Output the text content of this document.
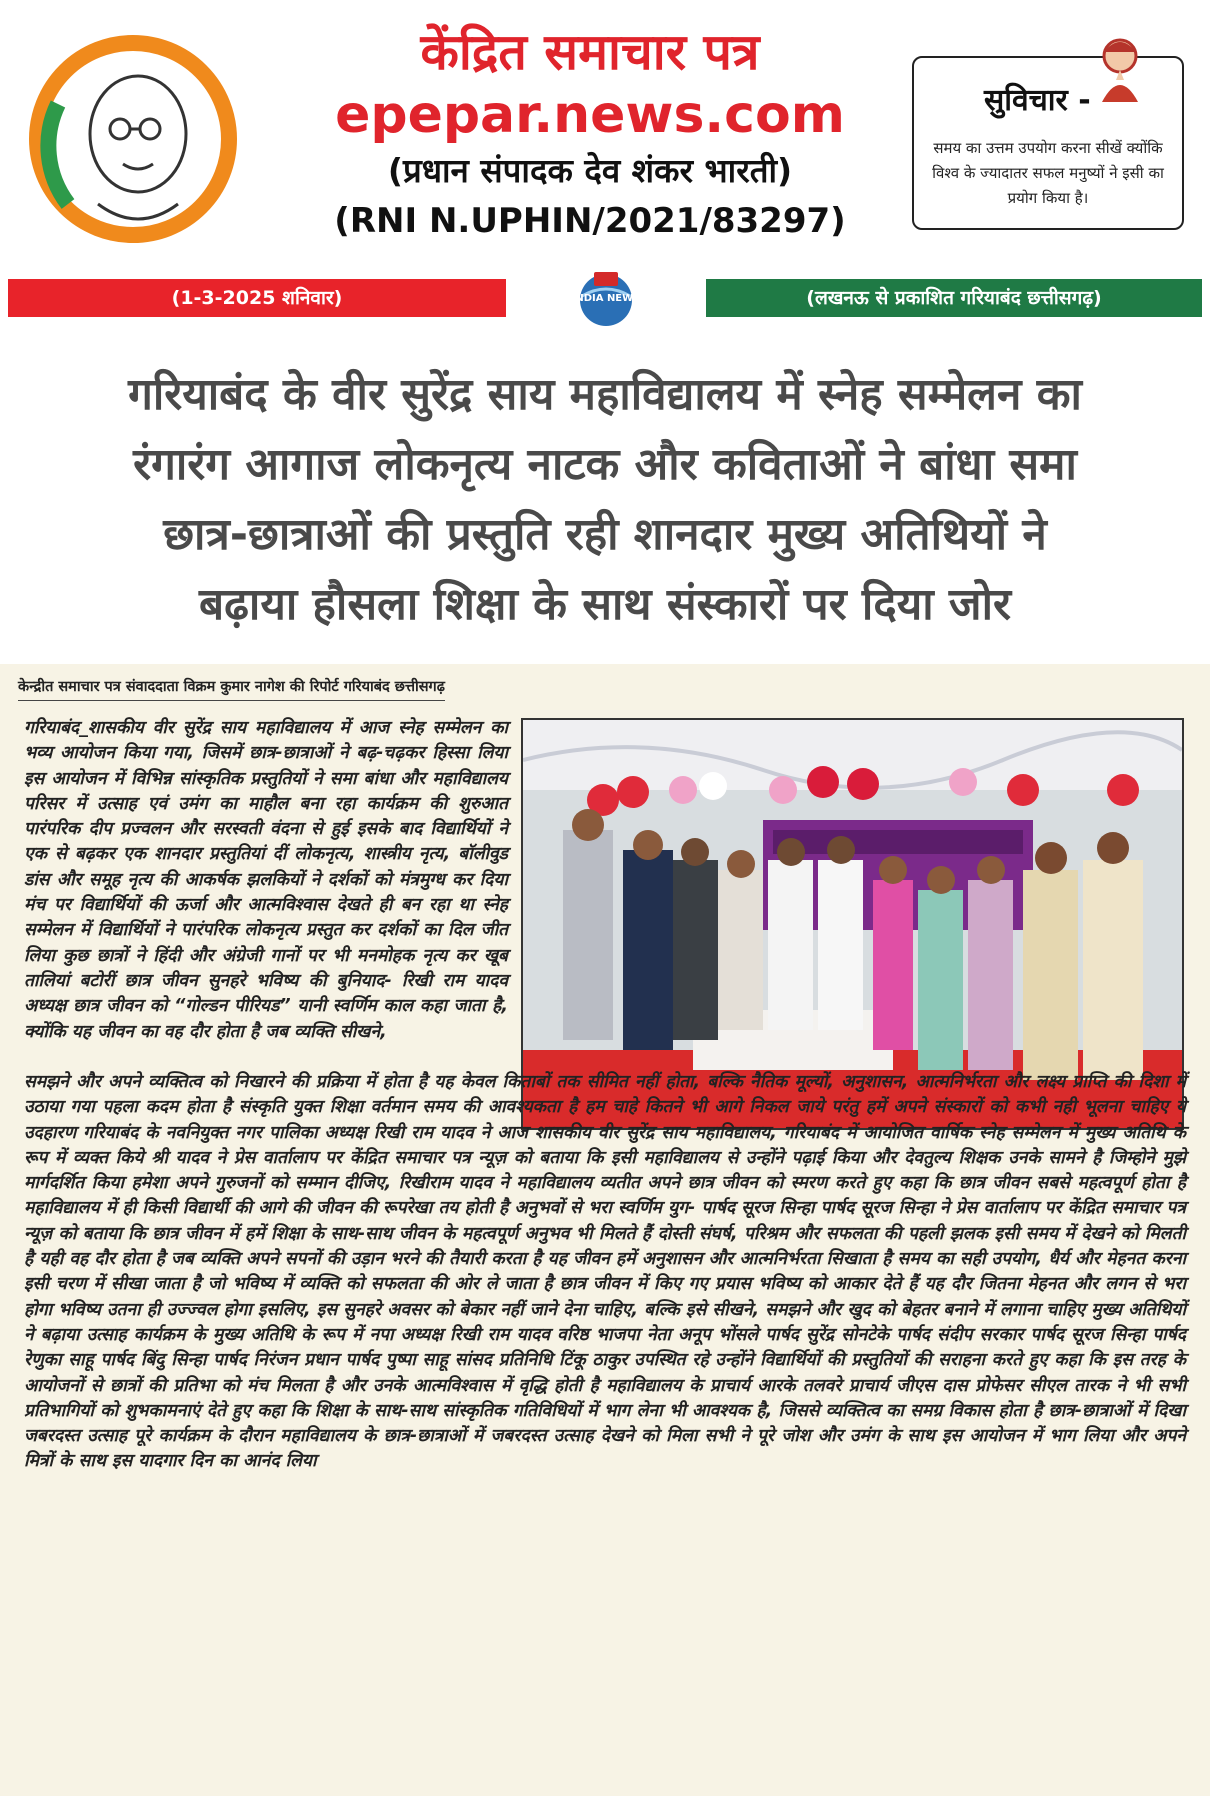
केंद्रित समाचार पत्र
epepar.news.com
(प्रधान संपादक देव शंकर भारती)
(RNI N.UPHIN/2021/83297)
सुविचार -
समय का उत्तम उपयोग करना सीखें क्योंकि विश्व के ज्यादातर सफल मनुष्यों ने इसी का प्रयोग किया है।
(1-3-2025 शनिवार)	INDIA NEWS	(लखनऊ से प्रकाशित गरियाबंद छत्तीसगढ़)
गरियाबंद के वीर सुरेंद्र साय महाविद्यालय में स्नेह सम्मेलन का
रंगारंग आगाज लोकनृत्य नाटक और कविताओं ने बांधा समा
छात्र-छात्राओं की प्रस्तुति रही शानदार मुख्य अतिथियों ने
बढ़ाया हौसला शिक्षा के साथ संस्कारों पर दिया जोर
केन्द्रीत समाचार पत्र संवाददाता विक्रम कुमार नागेश की रिपोर्ट गरियाबंद छत्तीसगढ़
गरियाबंद_शासकीय वीर सुरेंद्र साय महाविद्यालय में आज स्नेह सम्मेलन का भव्य आयोजन किया गया, जिसमें छात्र-छात्राओं ने बढ़-चढ़कर हिस्सा लिया इस आयोजन में विभिन्न सांस्कृतिक प्रस्तुतियों ने समा बांधा और महाविद्यालय परिसर में उत्साह एवं उमंग का माहौल बना रहा कार्यक्रम की शुरुआत पारंपरिक दीप प्रज्वलन और सरस्वती वंदना से हुई इसके बाद विद्यार्थियों ने एक से बढ़कर एक शानदार प्रस्तुतियां दीं लोकनृत्य, शास्त्रीय नृत्य, बॉलीवुड डांस और समूह नृत्य की आकर्षक झलकियों ने दर्शकों को मंत्रमुग्ध कर दिया मंच पर विद्यार्थियों की ऊर्जा और आत्मविश्वास देखते ही बन रहा था स्नेह सम्मेलन में विद्यार्थियों ने पारंपरिक लोकनृत्य प्रस्तुत कर दर्शकों का दिल जीत लिया कुछ छात्रों ने हिंदी और अंग्रेजी गानों पर भी मनमोहक नृत्य कर खूब तालियां बटोरीं छात्र जीवन सुनहरे भविष्य की बुनियाद- रिखी राम यादव अध्यक्ष छात्र जीवन को “गोल्डन पीरियड” यानी स्वर्णिम काल कहा जाता है, क्योंकि यह जीवन का वह दौर होता है जब व्यक्ति सीखने,
समझने और अपने व्यक्तित्व को निखारने की प्रक्रिया में होता है यह केवल किताबों तक सीमित नहीं होता, बल्कि नैतिक मूल्यों, अनुशासन, आत्मनिर्भरता और लक्ष्य प्राप्ति की दिशा में उठाया गया पहला कदम होता है संस्कृति युक्त शिक्षा वर्तमान समय की आवश्यकता है हम चाहे कितने भी आगे निकल जाये परंतु हमें अपने संस्कारों को कभी नही भूलना चाहिए ये उदहारण गरियाबंद के नवनियुक्त नगर पालिका अध्यक्ष रिखी राम यादव ने आज शासकीय वीर सुरेंद्र साय महाविद्यालय, गरियाबंद में आयोजित वार्षिक स्नेह सम्मेलन में मुख्य अतिथि के रूप में व्यक्त किये श्री यादव ने प्रेस वार्तालाप पर केंद्रित समाचार पत्र न्यूज़ को बताया कि इसी महाविद्यालय से उन्होंने पढ़ाई किया और देवतुल्य शिक्षक उनके सामने है जिम्होने मुझे मार्गदर्शित किया हमेशा अपने गुरुजनों को सम्मान दीजिए, रिखीराम यादव ने महाविद्यालय व्यतीत अपने छात्र जीवन को स्मरण करते हुए कहा कि छात्र जीवन सबसे महत्वपूर्ण होता है महाविद्यालय में ही किसी विद्यार्थी की आगे की जीवन की रूपरेखा तय होती है अनुभवों से भरा स्वर्णिम युग- पार्षद सूरज सिन्हा पार्षद सूरज सिन्हा ने प्रेस वार्तालाप पर केंद्रित समाचार पत्र न्यूज़ को बताया कि छात्र जीवन में हमें शिक्षा के साथ-साथ जीवन के महत्वपूर्ण अनुभव भी मिलते हैं दोस्ती संघर्ष, परिश्रम और सफलता की पहली झलक इसी समय में देखने को मिलती है यही वह दौर होता है जब व्यक्ति अपने सपनों की उड़ान भरने की तैयारी करता है यह जीवन हमें अनुशासन और आत्मनिर्भरता सिखाता है समय का सही उपयोग, धैर्य और मेहनत करना इसी चरण में सीखा जाता है जो भविष्य में व्यक्ति को सफलता की ओर ले जाता है छात्र जीवन में किए गए प्रयास भविष्य को आकार देते हैं यह दौर जितना मेहनत और लगन से भरा होगा भविष्य उतना ही उज्ज्वल होगा इसलिए, इस सुनहरे अवसर को बेकार नहीं जाने देना चाहिए, बल्कि इसे सीखने, समझने और खुद को बेहतर बनाने में लगाना चाहिए मुख्य अतिथियों ने बढ़ाया उत्साह कार्यक्रम के मुख्य अतिथि के रूप में नपा अध्यक्ष रिखी राम यादव वरिष्ठ भाजपा नेता अनूप भोंसले पार्षद सुरेंद्र सोनटेके पार्षद संदीप सरकार पार्षद सूरज सिन्हा पार्षद रेणुका साहू पार्षद बिंदु सिन्हा पार्षद निरंजन प्रधान पार्षद पुष्पा साहू सांसद प्रतिनिधि टिंकू ठाकुर उपस्थित रहे उन्होंने विद्यार्थियों की प्रस्तुतियों की सराहना करते हुए कहा कि इस तरह के आयोजनों से छात्रों की प्रतिभा को मंच मिलता है और उनके आत्मविश्वास में वृद्धि होती है महाविद्यालय के प्राचार्य आरके तलवरे प्राचार्य जीएस दास प्रोफेसर सीएल तारक ने भी सभी प्रतिभागियों को शुभकामनाएं देते हुए कहा कि शिक्षा के साथ-साथ सांस्कृतिक गतिविधियों में भाग लेना भी आवश्यक है, जिससे व्यक्तित्व का समग्र विकास होता है छात्र-छात्राओं में दिखा जबरदस्त उत्साह पूरे कार्यक्रम के दौरान महाविद्यालय के छात्र-छात्राओं में जबरदस्त उत्साह देखने को मिला सभी ने पूरे जोश और उमंग के साथ इस आयोजन में भाग लिया और अपने मित्रों के साथ इस यादगार दिन का आनंद लिया
